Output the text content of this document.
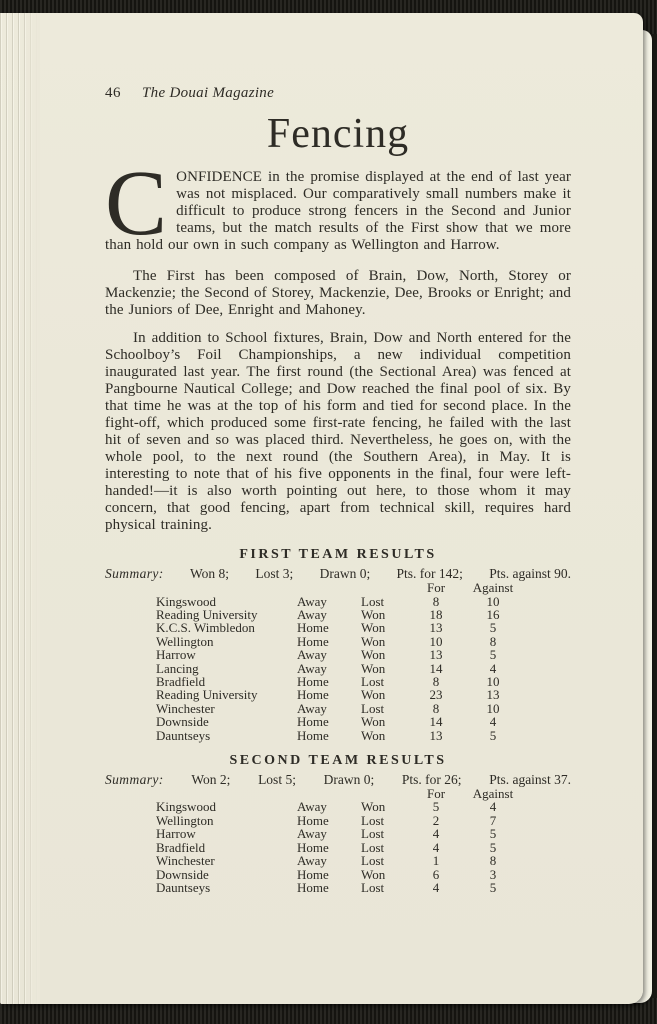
46 The Douai Magazine
Fencing

CONFIDENCE in the promise displayed at the end of last year was not misplaced. Our comparatively small numbers make it difficult to produce strong fencers in the Second and Junior teams, but the match results of the First show that we more than hold our own in such company as Wellington and Harrow.

The First has been composed of Brain, Dow, North, Storey or Mackenzie; the Second of Storey, Mackenzie, Dee, Brooks or Enright; and the Juniors of Dee, Enright and Mahoney.

In addition to School fixtures, Brain, Dow and North entered for the Schoolboy’s Foil Championships, a new individual competition inaugurated last year. The first round (the Sectional Area) was fenced at Pangbourne Nautical College; and Dow reached the final pool of six. By that time he was at the top of his form and tied for second place. In the fight-off, which produced some first-rate fencing, he failed with the last hit of seven and so was placed third. Nevertheless, he goes on, with the whole pool, to the next round (the Southern Area), in May. It is interesting to note that of his five opponents in the final, four were left-handed!—it is also worth pointing out here, to those whom it may concern, that good fencing, apart from technical skill, requires hard physical training.

FIRST TEAM RESULTS
Summary: Won 8; Lost 3; Drawn 0; Pts. for 142; Pts. against 90.
			For	Against
Kingswood	Away	Lost	8	10
Reading University	Away	Won	18	16
K.C.S. Wimbledon	Home	Won	13	5
Wellington	Home	Won	10	8
Harrow	Away	Won	13	5
Lancing	Away	Won	14	4
Bradfield	Home	Lost	8	10
Reading University	Home	Won	23	13
Winchester	Away	Lost	8	10
Downside	Home	Won	14	4
Dauntseys	Home	Won	13	5
SECOND TEAM RESULTS
Summary: Won 2; Lost 5; Drawn 0; Pts. for 26; Pts. against 37.
			For	Against
Kingswood	Away	Won	5	4
Wellington	Home	Lost	2	7
Harrow	Away	Lost	4	5
Bradfield	Home	Lost	4	5
Winchester	Away	Lost	1	8
Downside	Home	Won	6	3
Dauntseys	Home	Lost	4	5
